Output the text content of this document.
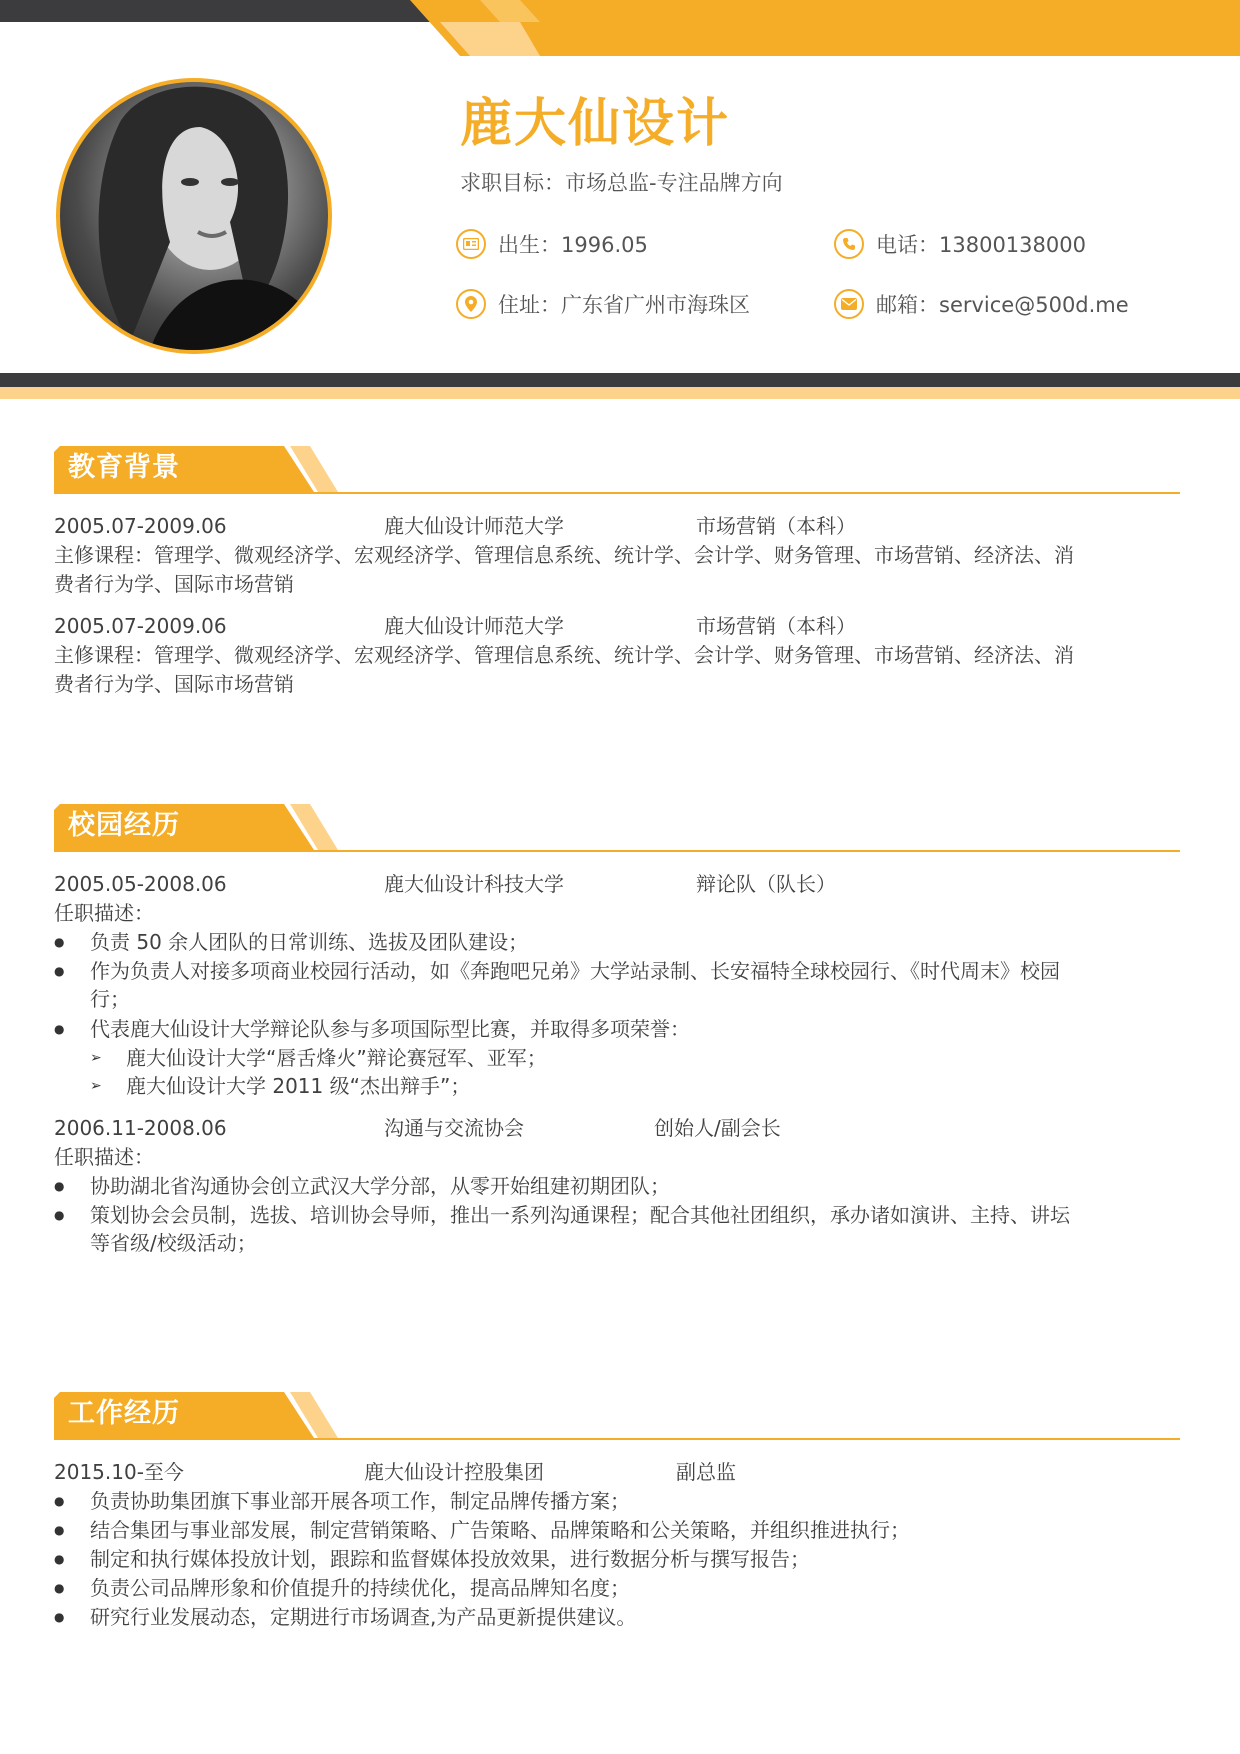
鹿大仙设计
求职目标：市场总监-专注品牌方向
出生：1996.05	电话：13800138000
住址：广东省广州市海珠区	邮箱：service@500d.me
教育背景
2005.07-2009.06	鹿大仙设计师范大学	市场营销（本科）
主修课程：管理学、微观经济学、宏观经济学、管理信息系统、统计学、会计学、财务管理、市场营销、经济法、消
费者行为学、国际市场营销
2005.07-2009.06	鹿大仙设计师范大学	市场营销（本科）
主修课程：管理学、微观经济学、宏观经济学、管理信息系统、统计学、会计学、财务管理、市场营销、经济法、消
费者行为学、国际市场营销
校园经历
2005.05-2008.06	鹿大仙设计科技大学	辩论队（队长）
任职描述：
● 负责 50 余人团队的日常训练、选拔及团队建设；
● 作为负责人对接多项商业校园行活动，如《奔跑吧兄弟》大学站录制、长安福特全球校园行、《时代周末》校园
行；
● 代表鹿大仙设计大学辩论队参与多项国际型比赛，并取得多项荣誉：
➢ 鹿大仙设计大学“唇舌烽火”辩论赛冠军、亚军；
➢ 鹿大仙设计大学 2011 级“杰出辩手”；
2006.11-2008.06	沟通与交流协会	创始人/副会长
任职描述：
● 协助湖北省沟通协会创立武汉大学分部，从零开始组建初期团队；
● 策划协会会员制，选拔、培训协会导师，推出一系列沟通课程；配合其他社团组织，承办诸如演讲、主持、讲坛
等省级/校级活动；
工作经历
2015.10-至今	鹿大仙设计控股集团	副总监
● 负责协助集团旗下事业部开展各项工作，制定品牌传播方案；
● 结合集团与事业部发展，制定营销策略、广告策略、品牌策略和公关策略，并组织推进执行；
● 制定和执行媒体投放计划，跟踪和监督媒体投放效果，进行数据分析与撰写报告；
● 负责公司品牌形象和价值提升的持续优化，提高品牌知名度；
● 研究行业发展动态，定期进行市场调查,为产品更新提供建议。
